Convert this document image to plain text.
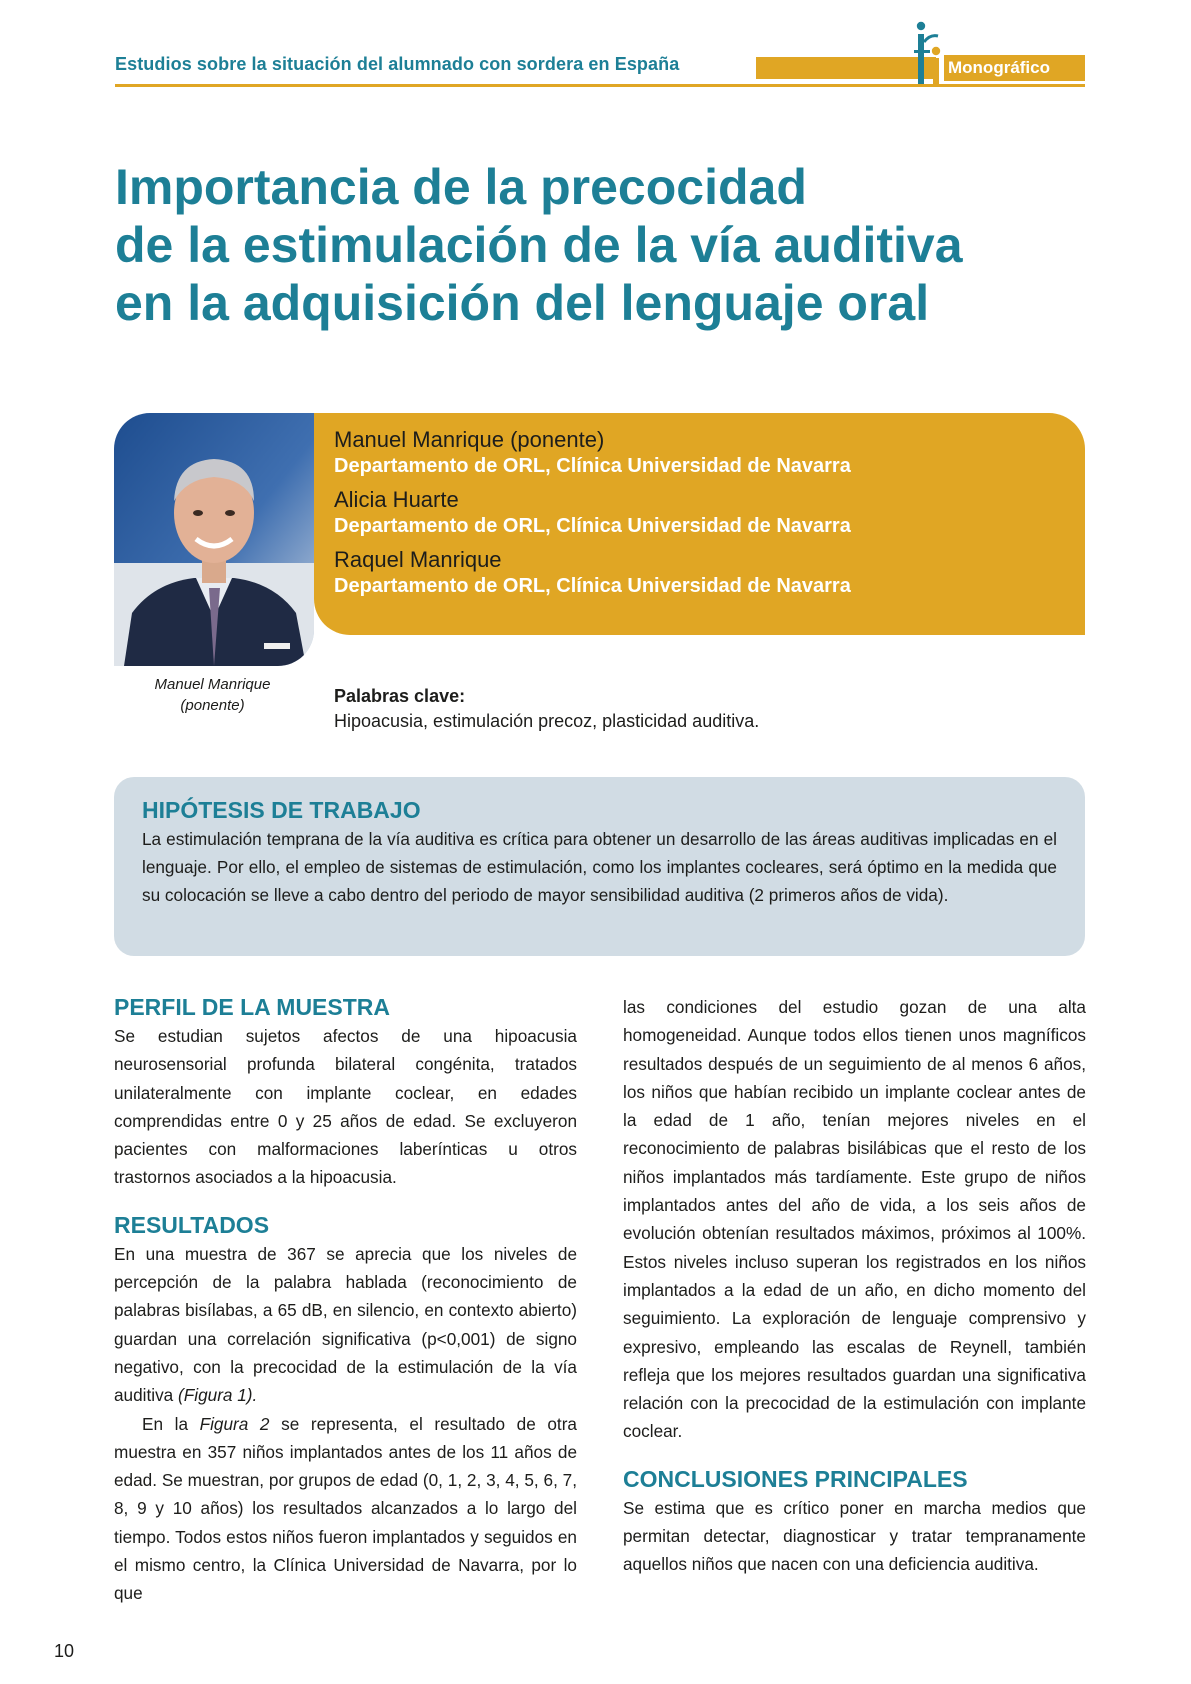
Estudios sobre la situación del alumnado con sordera en España	Monográfico
Importancia de la precocidad
de la estimulación de la vía auditiva
en la adquisición del lenguaje oral
Manuel Manrique (ponente)
Departamento de ORL, Clínica Universidad de Navarra
Alicia Huarte
Departamento de ORL, Clínica Universidad de Navarra
Raquel Manrique
Departamento de ORL, Clínica Universidad de Navarra
Manuel Manrique
(ponente)	Palabras clave:
Hipoacusia, estimulación precoz, plasticidad auditiva.
HIPÓTESIS DE TRABAJO

La estimulación temprana de la vía auditiva es crítica para obtener un desarrollo de las áreas auditivas implicadas en el lenguaje. Por ello, el empleo de sistemas de estimulación, como los implantes cocleares, será óptimo en la medida que su colocación se lleve a cabo dentro del periodo de mayor sensibilidad auditiva (2 primeros años de vida).

PERFIL DE LA MUESTRA

Se estudian sujetos afectos de una hipoacusia neurosensorial profunda bilateral congénita, tratados unilateralmente con implante coclear, en edades comprendidas entre 0 y 25 años de edad. Se excluyeron pacientes con malformaciones laberínticas u otros trastornos asociados a la hipoacusia.

RESULTADOS

En una muestra de 367 se aprecia que los niveles de percepción de la palabra hablada (reconocimiento de palabras bisílabas, a 65 dB, en silencio, en contexto abierto) guardan una correlación significativa (p<0,001) de signo negativo, con la precocidad de la estimulación de la vía auditiva (Figura 1).

En la Figura 2 se representa, el resultado de otra muestra en 357 niños implantados antes de los 11 años de edad. Se muestran, por grupos de edad (0, 1, 2, 3, 4, 5, 6, 7, 8, 9 y 10 años) los resultados alcanzados a lo largo del tiempo. Todos estos niños fueron implantados y seguidos en el mismo centro, la Clínica Universidad de Navarra, por lo que

las condiciones del estudio gozan de una alta homogeneidad. Aunque todos ellos tienen unos magníficos resultados después de un seguimiento de al menos 6 años, los niños que habían recibido un implante coclear antes de la edad de 1 año, tenían mejores niveles en el reconocimiento de palabras bisilábicas que el resto de los niños implantados más tardíamente. Este grupo de niños implantados antes del año de vida, a los seis años de evolución obtenían resultados máximos, próximos al 100%. Estos niveles incluso superan los registrados en los niños implantados a la edad de un año, en dicho momento del seguimiento. La exploración de lenguaje comprensivo y expresivo, empleando las escalas de Reynell, también refleja que los mejores resultados guardan una significativa relación con la precocidad de la estimulación con implante coclear.

CONCLUSIONES PRINCIPALES

Se estima que es crítico poner en marcha medios que permitan detectar, diagnosticar y tratar tempranamente aquellos niños que nacen con una deficiencia auditiva.

10
